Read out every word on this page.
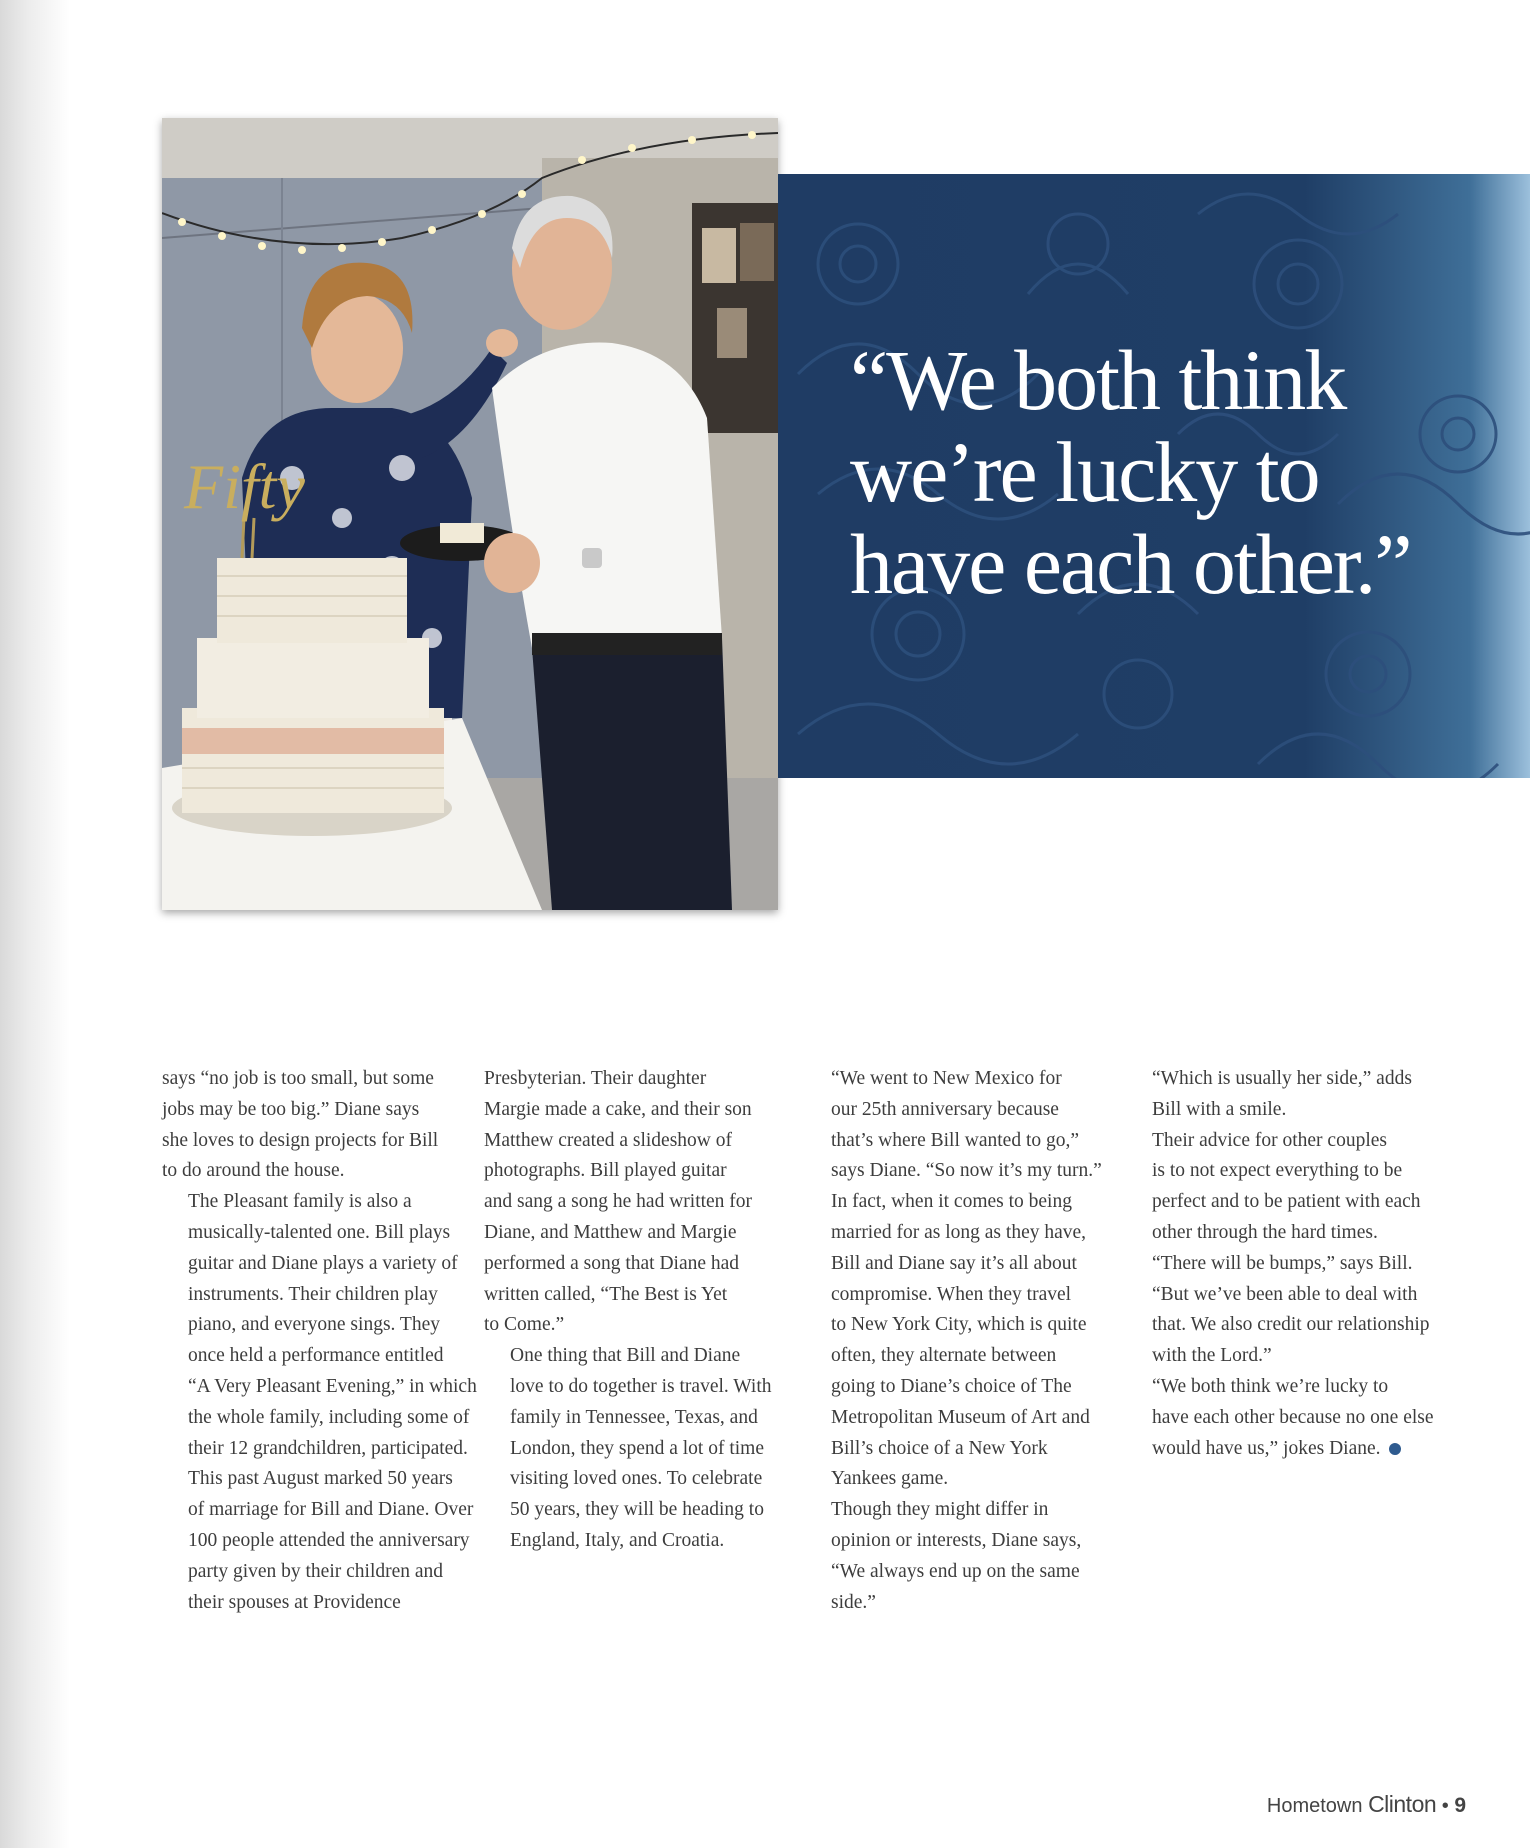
Fifty
“We both think
we’re lucky to
have each other.”

says “no job is too small, but some
jobs may be too big.” Diane says
she loves to design projects for Bill
to do around the house.

The Pleasant family is also a
musically-talented one. Bill plays
guitar and Diane plays a variety of
instruments. Their children play
piano, and everyone sings. They
once held a performance entitled
“A Very Pleasant Evening,” in which
the whole family, including some of
their 12 grandchildren, participated.

This past August marked 50 years
of marriage for Bill and Diane. Over
100 people attended the anniversary
party given by their children and
their spouses at Providence

Presbyterian. Their daughter
Margie made a cake, and their son
Matthew created a slideshow of
photographs. Bill played guitar
and sang a song he had written for
Diane, and Matthew and Margie
performed a song that Diane had
written called, “The Best is Yet
to Come.”

One thing that Bill and Diane
love to do together is travel. With
family in Tennessee, Texas, and
London, they spend a lot of time
visiting loved ones. To celebrate
50 years, they will be heading to
England, Italy, and Croatia.

“We went to New Mexico for
our 25th anniversary because
that’s where Bill wanted to go,”
says Diane. “So now it’s my turn.”

In fact, when it comes to being
married for as long as they have,
Bill and Diane say it’s all about
compromise. When they travel
to New York City, which is quite
often, they alternate between
going to Diane’s choice of The
Metropolitan Museum of Art and
Bill’s choice of a New York
Yankees game.

Though they might differ in
opinion or interests, Diane says,
“We always end up on the same
side.”

“Which is usually her side,” adds
Bill with a smile.

Their advice for other couples
is to not expect everything to be
perfect and to be patient with each
other through the hard times.

“There will be bumps,” says Bill.
“But we’ve been able to deal with
that. We also credit our relationship
with the Lord.”

“We both think we’re lucky to
have each other because no one else
would have us,” jokes Diane.

Hometown Clinton • 9
